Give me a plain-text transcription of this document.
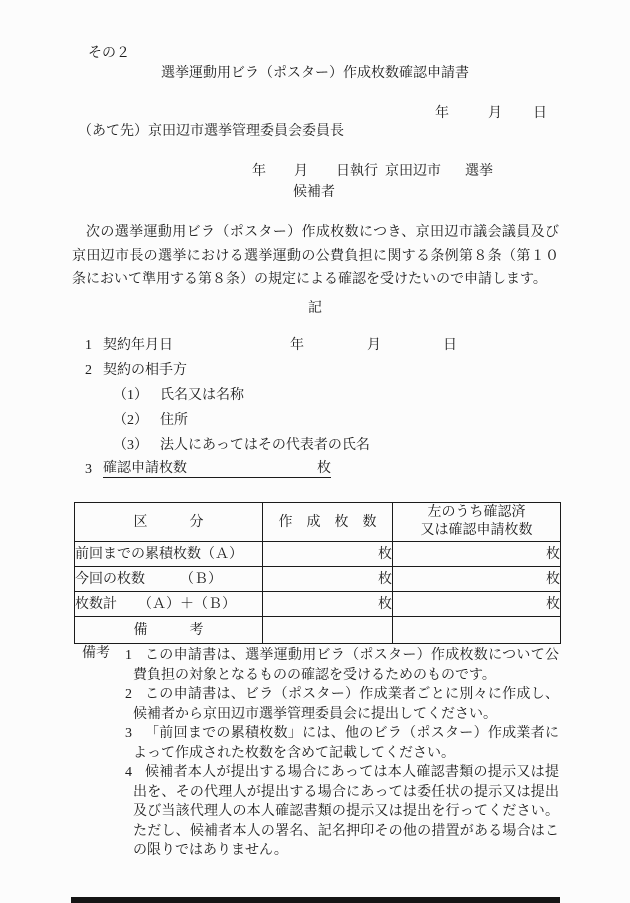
その２
選挙運動用ビラ（ポスター）作成枚数確認申請書
年	月 日
（あて先）京田辺市選挙管理委員会委員長
年　　月　　日執行 京田辺市 選挙
候補者
次の選挙運動用ビラ（ポスター）作成枚数につき、京田辺市議会議員及び京田辺市長の選挙における選挙運動の公費負担に関する条例第８条（第１０条において準用する第８条）の規定による確認を受けたいので申請します。
記
1 契約年月日	年	月	日
2 契約の相手方
（1） 氏名又は名称
（2） 住所
（3） 法人にあってはその代表者の氏名
3 確認申請枚数	枚
区　　　分	作　成　枚　数	左のうち確認済
又は確認申請枚数

前回までの累積枚数（Ａ）	枚	枚
今回の枚数　　　（Ｂ）	枚	枚
枚数計　　（Ａ）＋（Ｂ）	枚	枚
備　　　考		
備考 1 この申請書は、選挙運動用ビラ（ポスター）作成枚数について公費負担の対象となるものの確認を受けるためのものです。
2 この申請書は、ビラ（ポスター）作成業者ごとに別々に作成し、候補者から京田辺市選挙管理委員会に提出してください。
3 「前回までの累積枚数」には、他のビラ（ポスター）作成業者によって作成された枚数を含めて記載してください。
4 候補者本人が提出する場合にあっては本人確認書類の提示又は提出を、その代理人が提出する場合にあっては委任状の提示又は提出及び当該代理人の本人確認書類の提示又は提出を行ってください。ただし、候補者本人の署名、記名押印その他の措置がある場合はこの限りではありません。
